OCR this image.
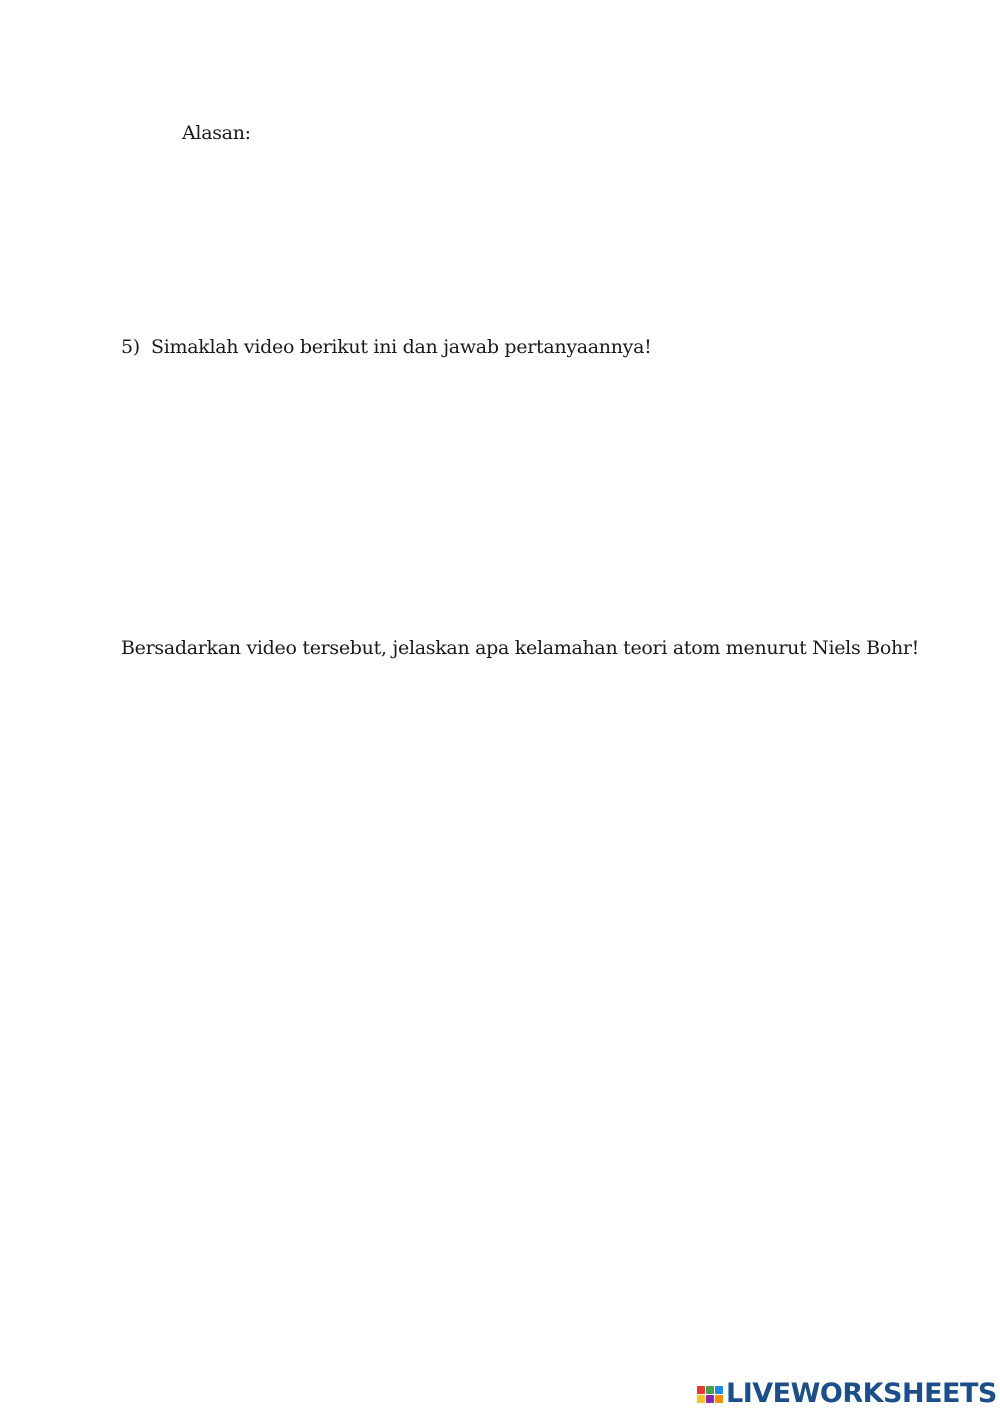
Alasan:
5) Simaklah video berikut ini dan jawab pertanyaannya!
Bersadarkan video tersebut, jelaskan apa kelamahan teori atom menurut Niels Bohr!
LIVEWORKSHEETS
